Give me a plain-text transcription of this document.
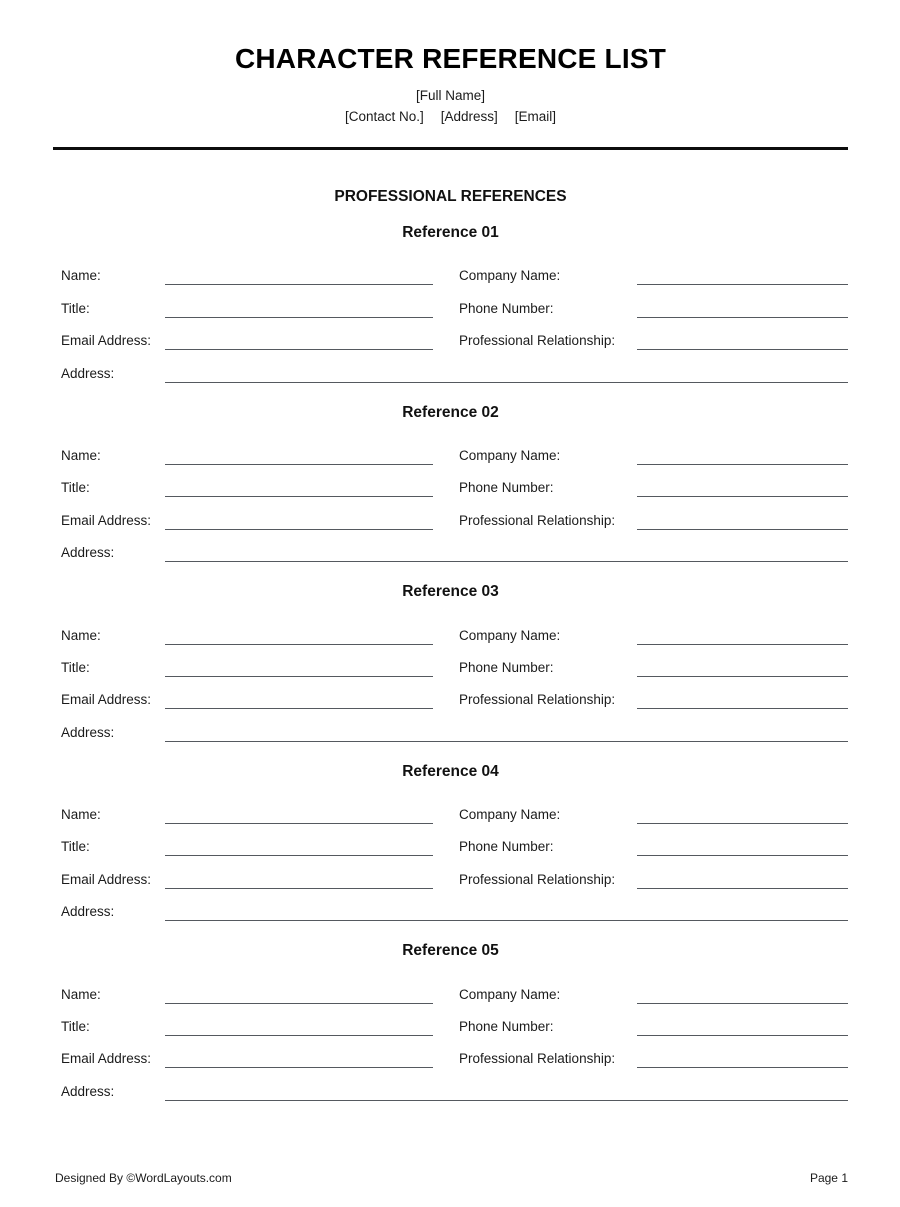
CHARACTER REFERENCE LIST
[Full Name]
[Contact No.] [Address] [Email]
PROFESSIONAL REFERENCES
Reference 01
Name:	Company Name:
Title:	Phone Number:
Email Address:	Professional Relationship:
Address:
Reference 02
Name:	Company Name:
Title:	Phone Number:
Email Address:	Professional Relationship:
Address:
Reference 03
Name:	Company Name:
Title:	Phone Number:
Email Address:	Professional Relationship:
Address:
Reference 04
Name:	Company Name:
Title:	Phone Number:
Email Address:	Professional Relationship:
Address:
Reference 05
Name:	Company Name:
Title:	Phone Number:
Email Address:	Professional Relationship:
Address:
Designed By ©WordLayouts.com	Page 1
